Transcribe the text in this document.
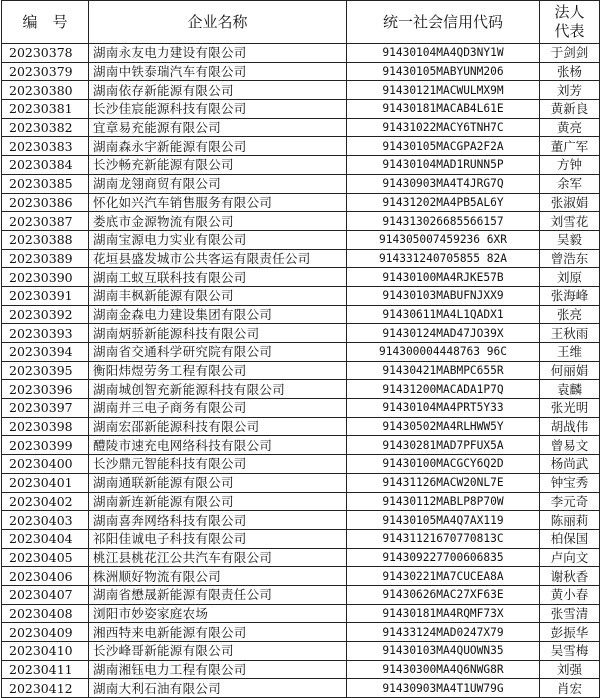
编　号	企业名称	统一社会信用代码	法人
代表

20230378	湖南永友电力建设有限公司	91430104MA4QD3NY1W	于剑剑
20230379	湖南中铁泰瑞汽车有限公司	91430105MABYUNM206	张杨
20230380	湖南依存新能源有限公司	91430121MACWULMX9M	刘芳
20230381	长沙佳宸能源科技有限公司	91430181MACAB4L61E	黄新良
20230382	宜章易充能源有限公司	91431022MACY6TNH7C	黄亮
20230383	湖南森永宇新能源有限公司	91430105MACGPA2F2A	董广军
20230384	长沙畅充新能源有限公司	91430104MAD1RUNN5P	方钟
20230385	湖南龙翎商贸有限公司	91430903MA4T4JRG7Q	余军
20230386	怀化如兴汽车销售服务有限公司	91431202MA4PB5AL6Y	张淑娟
20230387	娄底市金源物流有限公司	914313026685566157	刘雪花
20230388	湖南宝源电力实业有限公司	914305007459236 6XR	吴毅
20230389	花垣县盛发城市公共客运有限责任公司	914331240705855 82A	曾浩东
20230390	湖南工蚁互联科技有限公司	91430100MA4RJKE57B	刘原
20230391	湖南丰枫新能源有限公司	91430103MABUFNJXX9	张海峰
20230392	湖南金森电力建设集团有限公司	91430611MA4L1QADX1	张亮
20230393	湖南炳骄新能源科技有限公司	91430124MAD47JO39X	王秋雨
20230394	湖南省交通科学研究院有限公司	914300004448763 96C	王维
20230395	衡阳炜煜劳务工程有限公司	91430421MABMPC655R	何丽娟
20230396	湖南城创智充新能源科技有限公司	91431200MACADA1P7Q	袁麟
20230397	湖南并三电子商务有限公司	91430104MA4PRT5Y33	张光明
20230398	湖南宏邵新能源科技有限公司	91430502MA4RLHWW5Y	胡战伟
20230399	醴陵市速充电网络科技有限公司	91430281MAD7PFUX5A	曾易文
20230400	长沙鼎元智能科技有限公司	91430100MACGCY6Q2D	杨尚武
20230401	湖南通联新能源有限公司	91431126MACW20NL7E	钟宝秀
20230402	湖南新连新能源有限公司	91430112MABLP8P70W	李元奇
20230403	湖南喜奔网络科技有限公司	91430105MA4Q7AX119	陈丽莉
20230404	祁阳佳诚电子科技有限公司	91431121670770813C	柏保国
20230405	桃江县桃花江公共汽车有限公司	914309227700606835	卢向文
20230406	株洲顺好物流有限公司	91430221MA7CUCEA8A	谢秋香
20230407	湖南省懋晟新能源有限责任公司	91430626MAC27XF63E	黄小春
20230408	浏阳市妙姿家庭农场	91430181MA4RQMF73X	张雪清
20230409	湘西特来电新能源有限公司	91433124MAD0247X79	彭振华
20230410	长沙峰哥新能源有限公司	91430103MA4QUOWN35	吴雪梅
20230411	湖南湘钰电力工程有限公司	91430300MA4Q6NWG8R	刘强
20230412	湖南大利石油有限公司	91430903MA4T1UW79G	肖宏
